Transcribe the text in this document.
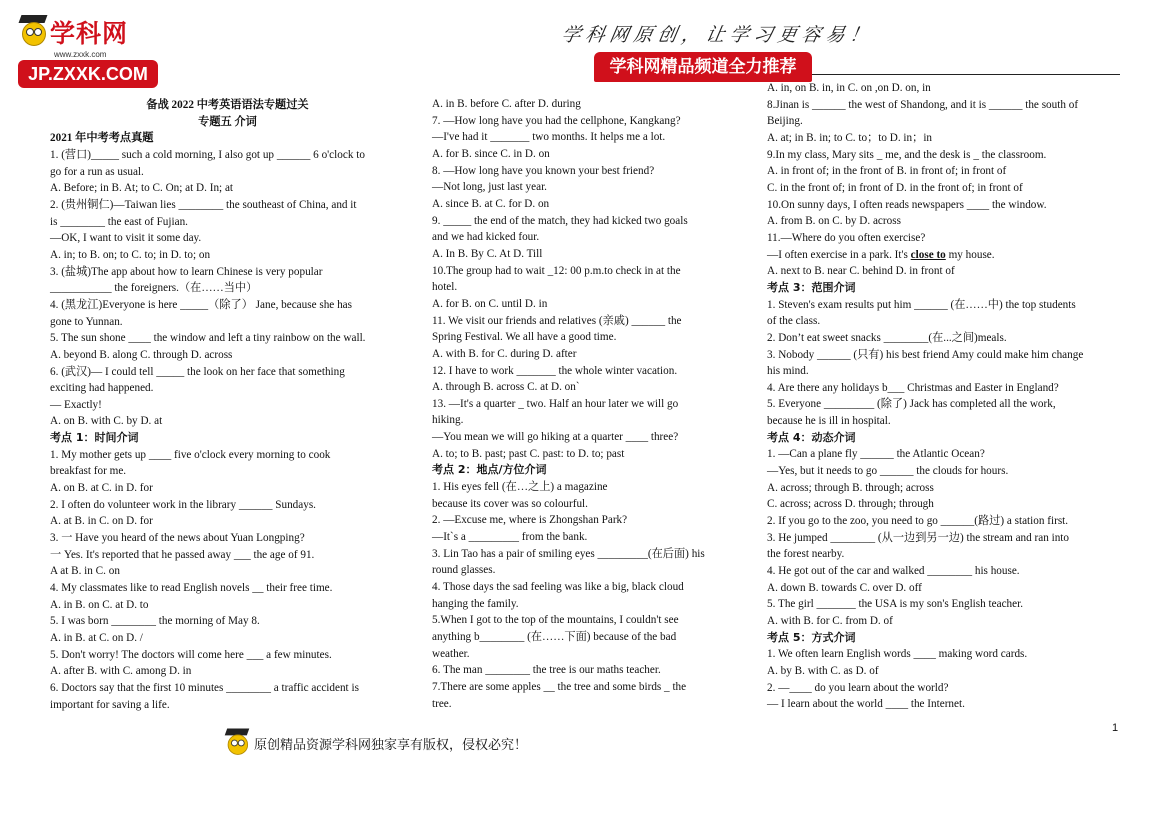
学科网
www.zxxk.com
JP.ZXXK.COM
学科网原创，让学习更容易！
学科网精品频道全力推荐

备战 2022 中考英语语法专题过关

专题五 介词

2021 年中考考点真题

1. (营口)_____ such a cold morning, I also got up ______ 6 o'clock to

go for a run as usual.

A. Before; in B. At; to C. On; at D. In; at

2. (贵州铜仁)—Taiwan lies ________ the southeast of China, and it

is ________ the east of Fujian.

—OK, I want to visit it some day.

A. in; to B. on; to C. to; in D. to; on

3. (盐城)The app about how to learn Chinese is very popular

___________ the foreigners.（在……当中）

4. (黑龙江)Everyone is here _____（除了） Jane, because she has

gone to Yunnan.

5. The sun shone ____ the window and left a tiny rainbow on the wall.

A. beyond B. along C. through D. across

6. (武汉)— I could tell _____ the look on her face that something

exciting had happened.

— Exactly!

A. on B. with C. by D. at

考点 1：时间介词

1. My mother gets up ____ five o'clock every morning to cook

breakfast for me.

A. on B. at C. in D. for

2. I often do volunteer work in the library ______ Sundays.

A. at B. in C. on D. for

3. 一 Have you heard of the news about Yuan Longping?

一 Yes. It's reported that he passed away ___ the age of 91.

A at B. in C. on

4. My classmates like to read English novels __ their free time.

A. in B. on C. at D. to

5. I was born ________ the morning of May 8.

A. in B. at C. on D. /

5. Don't worry! The doctors will come here ___ a few minutes.

A. after B. with C. among D. in

6. Doctors say that the first 10 minutes ________ a traffic accident is

important for saving a life.

A. in B. before C. after D. during

7. —How long have you had the cellphone, Kangkang?

—I've had it _______ two months. It helps me a lot.

A. for B. since C. in D. on

8. —How long have you known your best friend?

—Not long, just last year.

A. since B. at C. for D. on

9. _____ the end of the match, they had kicked two goals

and we had kicked four.

A. In B. By C. At D. Till

10.The group had to wait _12: 00 p.m.to check in at the

hotel.

A. for B. on C. until D. in

11. We visit our friends and relatives (亲戚) ______ the

Spring Festival. We all have a good time.

A. with B. for C. during D. after

12. I have to work _______ the whole winter vacation.

A. through B. across C. at D. on`

13. —It's a quarter _ two. Half an hour later we will go

hiking.

—You mean we will go hiking at a quarter ____ three?

A. to; to B. past; past C. past: to D. to; past

考点 2：地点/方位介词

1. His eyes fell (在…之上) a magazine

because its cover was so colourful.

2. —Excuse me, where is Zhongshan Park?

—It`s a _________ from the bank.

3. Lin Tao has a pair of smiling eyes _________(在后面) his

round glasses.

4. Those days the sad feeling was like a big, black cloud

hanging the family.

5.When I got to the top of the mountains, I couldn't see

anything b________ (在……下面) because of the bad

weather.

6. The man ________ the tree is our maths teacher.

7.There are some apples __ the tree and some birds _ the

tree.

A. in, on B. in, in C. on ,on D. on, in

8.Jinan is ______ the west of Shandong, and it is ______ the south of

Beijing.

A. at; in B. in; to C. to；to D. in；in

9.In my class, Mary sits _ me, and the desk is _ the classroom.

A. in front of; in the front of B. in front of; in front of

C. in the front of; in front of D. in the front of; in front of

10.On sunny days, I often reads newspapers ____ the window.

A. from B. on C. by D. across

11.—Where do you often exercise?

—I often exercise in a park. It's close to my house.

A. next to B. near C. behind D. in front of

考点 3：范围介词

1. Steven's exam results put him ______ (在……中) the top students

of the class.

2. Don’t eat sweet snacks ________(在...之间)meals.

3. Nobody ______ (只有) his best friend Amy could make him change

his mind.

4. Are there any holidays b___ Christmas and Easter in England?

5. Everyone _________ (除了) Jack has completed all the work,

because he is ill in hospital.

考点 4：动态介词

1. —Can a plane fly ______ the Atlantic Ocean?

—Yes, but it needs to go ______ the clouds for hours.

A. across; through B. through; across

C. across; across D. through; through

2. If you go to the zoo, you need to go ______(路过) a station first.

3. He jumped ________ (从一边到另一边) the stream and ran into

the forest nearby.

4. He got out of the car and walked ________ his house.

A. down B. towards C. over D. off

5. The girl _______ the USA is my son's English teacher.

A. with B. for C. from D. of

考点 5：方式介词

1. We often learn English words ____ making word cards.

A. by B. with C. as D. of

2. —____ do you learn about the world?

— I learn about the world ____ the Internet.

原创精品资源学科网独家享有版权，侵权必究！
1
